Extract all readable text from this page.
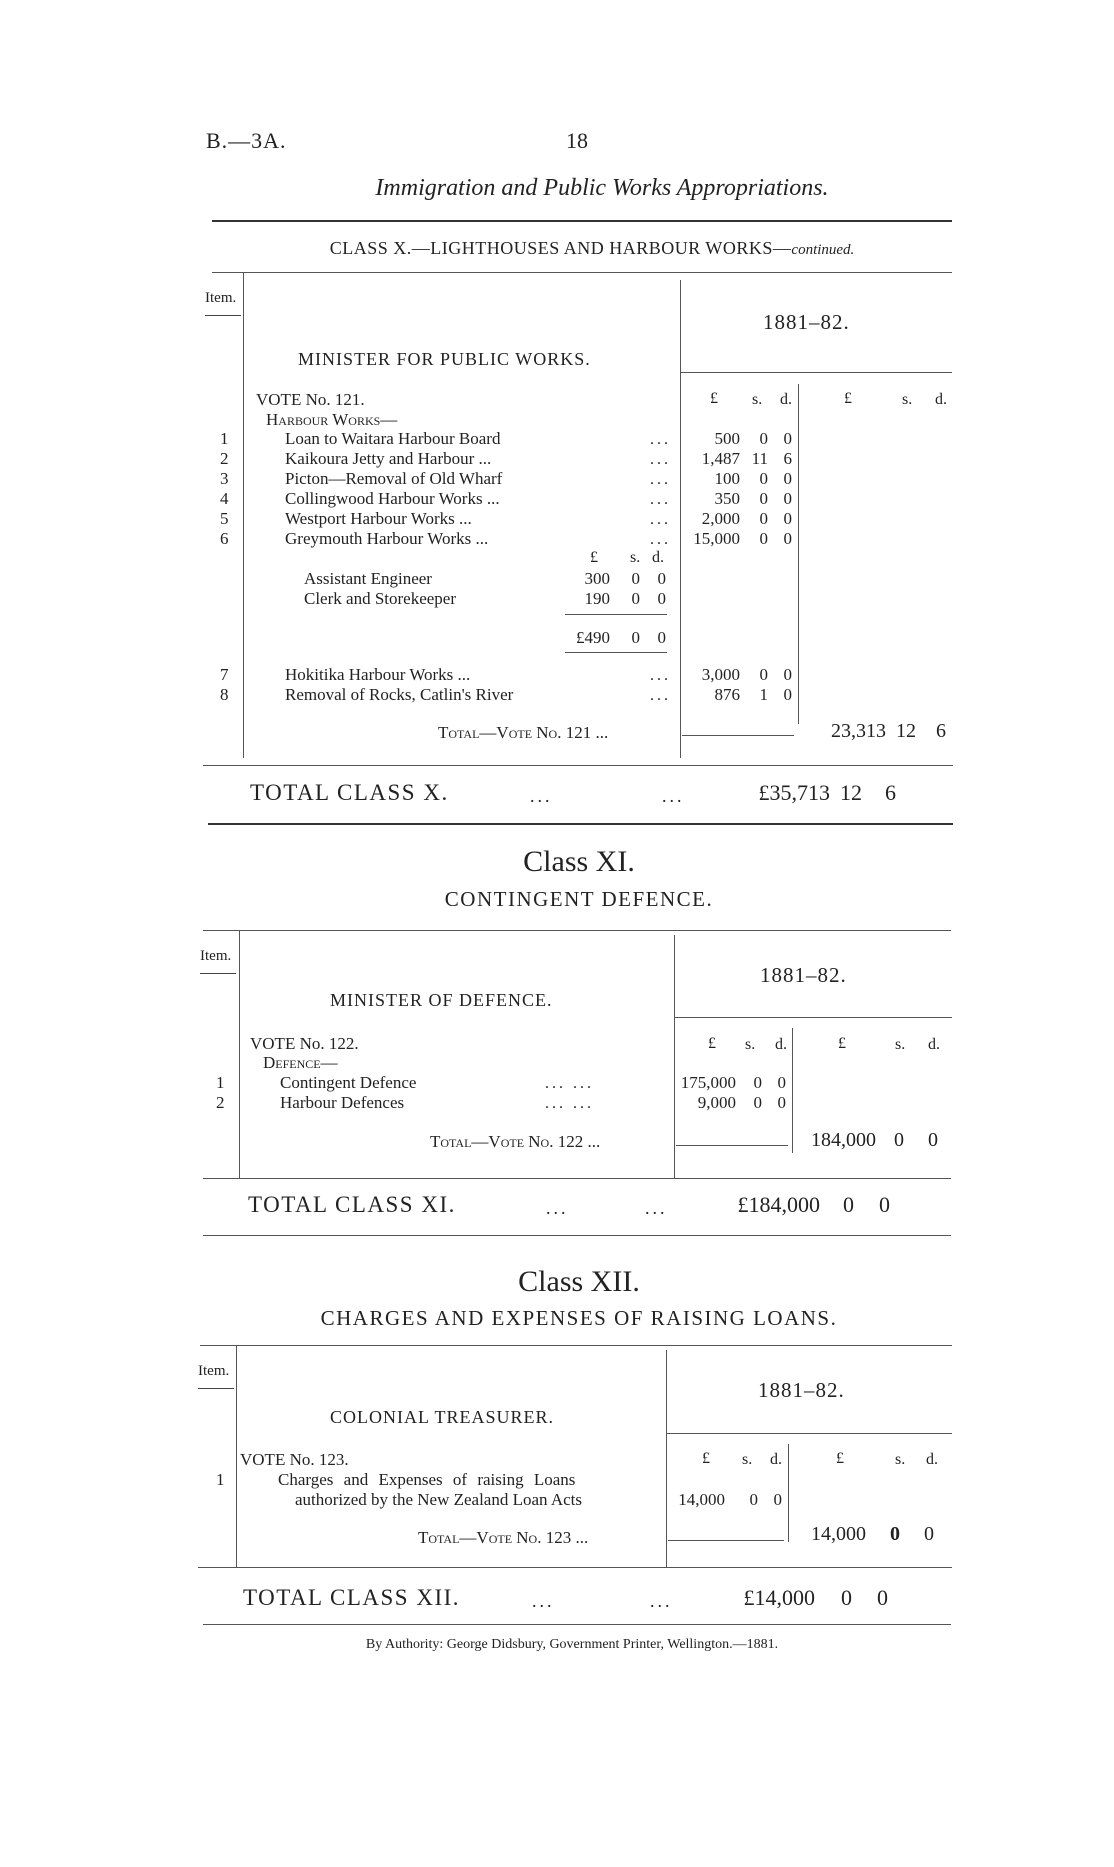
B.—3A.	18
Immigration and Public Works Appropriations.
CLASS X.—LIGHTHOUSES AND HARBOUR WORKS—continued.
Item.
1881–82.
MINISTER FOR PUBLIC WORKS.
£ s. d.	£	s. d.
VOTE No. 121.
Harbour Works—
1	Loan to Waitara Harbour Board	...	500	0 0
2	Kaikoura Jetty and Harbour ...	...	1,487 11 6
3	Picton—Removal of Old Wharf	...	100	0 0
4	Collingwood Harbour Works ...	...	350	0 0
5	Westport Harbour Works ...	...	2,000	0 0
6	Greymouth Harbour Works ...	... 15,000	0 0
£ s. d.
Assistant Engineer	300	0	0
Clerk and Storekeeper	190	0	0
£490	0	0
7	Hokitika Harbour Works ...	...	3,000	0 0
8	Removal of Rocks, Catlin's River	...	876	1 0
Total—Vote No. 121 ...	23,313 12	6
TOTAL CLASS X.	...	...	£35,713 12	6
Class XI.
CONTINGENT DEFENCE.
Item.
1881–82.
MINISTER OF DEFENCE.
£ s. d.	£	s. d.
VOTE No. 122.
Defence—
1	Contingent Defence	... ...	175,000	0 0
2	Harbour Defences	... ...	9,000	0 0
Total—Vote No. 122 ...	184,000 0	0
TOTAL CLASS XI.	...	...	£184,000	0	0
Class XII.
CHARGES AND EXPENSES OF RAISING LOANS.
Item.
1881–82.
COLONIAL TREASURER.
£ s. d.	£	s. d.
VOTE No. 123.
1	Charges and Expenses of raising Loans
authorized by the New Zealand Loan Acts	14,000	0 0
Total—Vote No. 123 ...	14,000	0	0
TOTAL CLASS XII.	...	...	£14,000	0	0
By Authority: George Didsbury, Government Printer, Wellington.—1881.
